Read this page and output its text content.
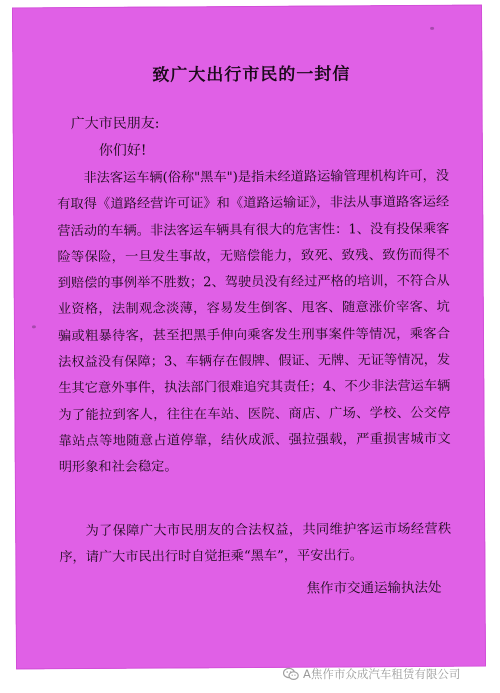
致广大出行市民的一封信
广大市民朋友:
你们好!

非法客运车辆(俗称"黑车")是指未经道路运输管理机构许可，没有取得《道路经营许可证》和《道路运输证》，非法从事道路客运经营活动的车辆。非法客运车辆具有很大的危害性：1、没有投保乘客险等保险，一旦发生事故，无赔偿能力，致死、致残、致伤而得不到赔偿的事例举不胜数；2、驾驶员没有经过严格的培训，不符合从业资格，法制观念淡薄，容易发生倒客、甩客、随意涨价宰客、坑骗或粗暴待客，甚至把黑手伸向乘客发生刑事案件等情况，乘客合法权益没有保障；3、车辆存在假牌、假证、无牌、无证等情况，发生其它意外事件，执法部门很难追究其责任；4、不少非法营运车辆为了能拉到客人，往往在车站、医院、商店、广场、学校、公交停靠站点等地随意占道停靠，结伙成派、强拉强载，严重损害城市文明形象和社会稳定。

为了保障广大市民朋友的合法权益，共同维护客运市场经营秩序，请广大市民出行时自觉拒乘“黑车”，平安出行。

焦作市交通运输执法处
A焦作市众成汽车租赁有限公司
